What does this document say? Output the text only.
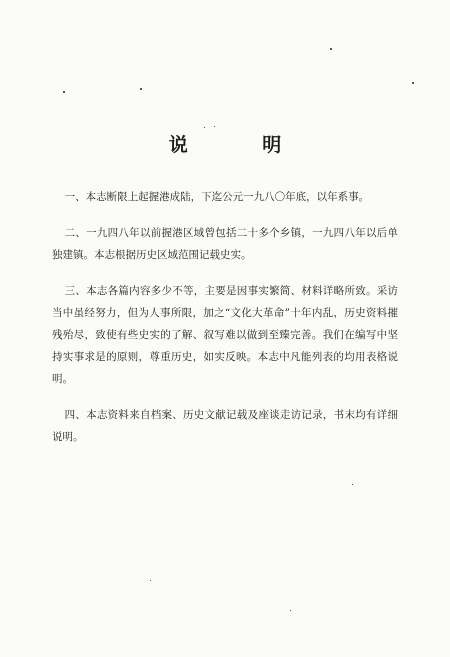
说 明

一、本志断限上起握港成陆，下迄公元一九八〇年底，以年系事。

二、一九四八年以前握港区域曾包括二十多个乡镇，一九四八年以后单独建镇。本志根据历史区域范围记载史实。

三、本志各篇内容多少不等，主要是因事实繁简、材料详略所致。采访当中虽经努力，但为人事所限，加之“文化大革命”十年内乱，历史资料摧残殆尽，致使有些史实的了解、叙写难以做到至臻完善。我们在编写中坚持实事求是的原则，尊重历史，如实反映。本志中凡能列表的均用表格说明。

四、本志资料来自档案、历史文献记载及座谈走访记录，书末均有详细说明。
